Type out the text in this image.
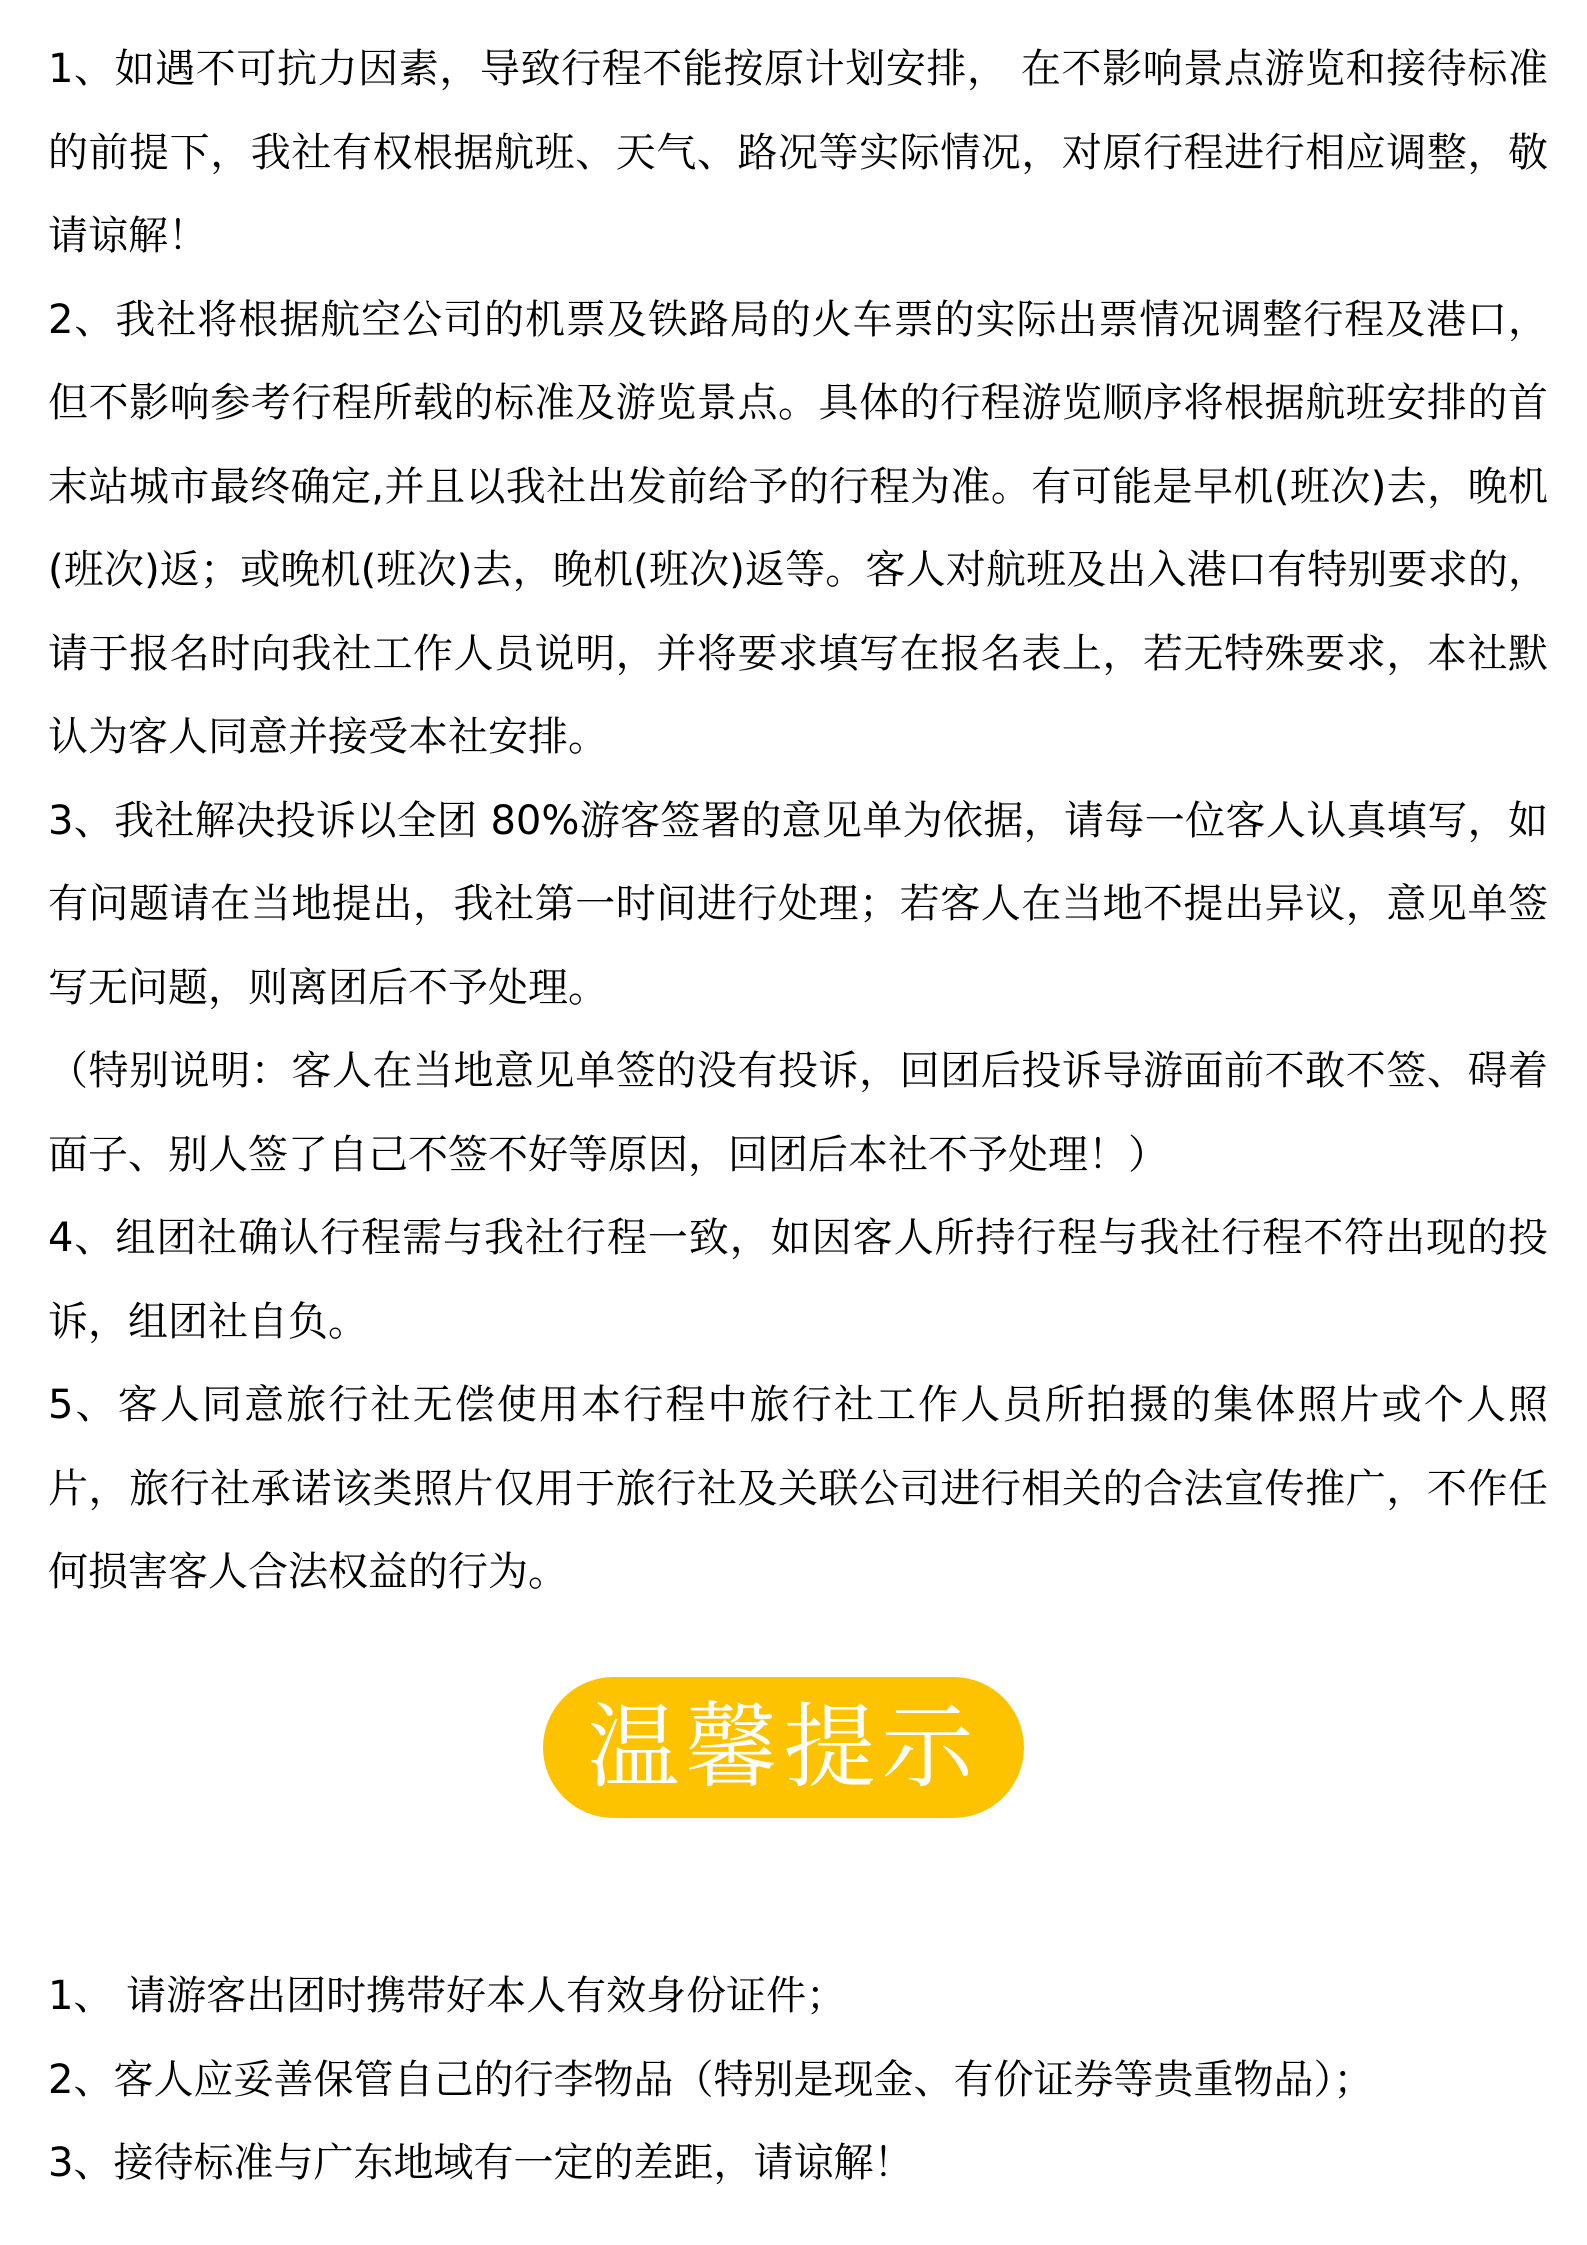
1、如遇不可抗力因素，导致行程不能按原计划安排， 在不影响景点游览和接待标准的前提下，我社有权根据航班、天气、路况等实际情况，对原行程进行相应调整，敬请谅解！

2、我社将根据航空公司的机票及铁路局的火车票的实际出票情况调整行程及港口，但不影响参考行程所载的标准及游览景点。具体的行程游览顺序将根据航班安排的首末站城市最终确定,并且以我社出发前给予的行程为准。有可能是早机(班次)去，晚机(班次)返；或晚机(班次)去，晚机(班次)返等。客人对航班及出入港口有特别要求的，请于报名时向我社工作人员说明，并将要求填写在报名表上，若无特殊要求，本社默认为客人同意并接受本社安排。

3、我社解决投诉以全团 80%游客签署的意见单为依据，请每一位客人认真填写，如有问题请在当地提出，我社第一时间进行处理；若客人在当地不提出异议，意见单签写无问题，则离团后不予处理。

（特别说明：客人在当地意见单签的没有投诉，回团后投诉导游面前不敢不签、碍着面子、别人签了自己不签不好等原因，回团后本社不予处理！）

4、组团社确认行程需与我社行程一致，如因客人所持行程与我社行程不符出现的投诉，组团社自负。

5、客人同意旅行社无偿使用本行程中旅行社工作人员所拍摄的集体照片或个人照片，旅行社承诺该类照片仅用于旅行社及关联公司进行相关的合法宣传推广，不作任何损害客人合法权益的行为。

温馨提示

1、 请游客出团时携带好本人有效身份证件；

2、客人应妥善保管自己的行李物品（特别是现金、有价证券等贵重物品）；

3、接待标准与广东地域有一定的差距，请谅解！
